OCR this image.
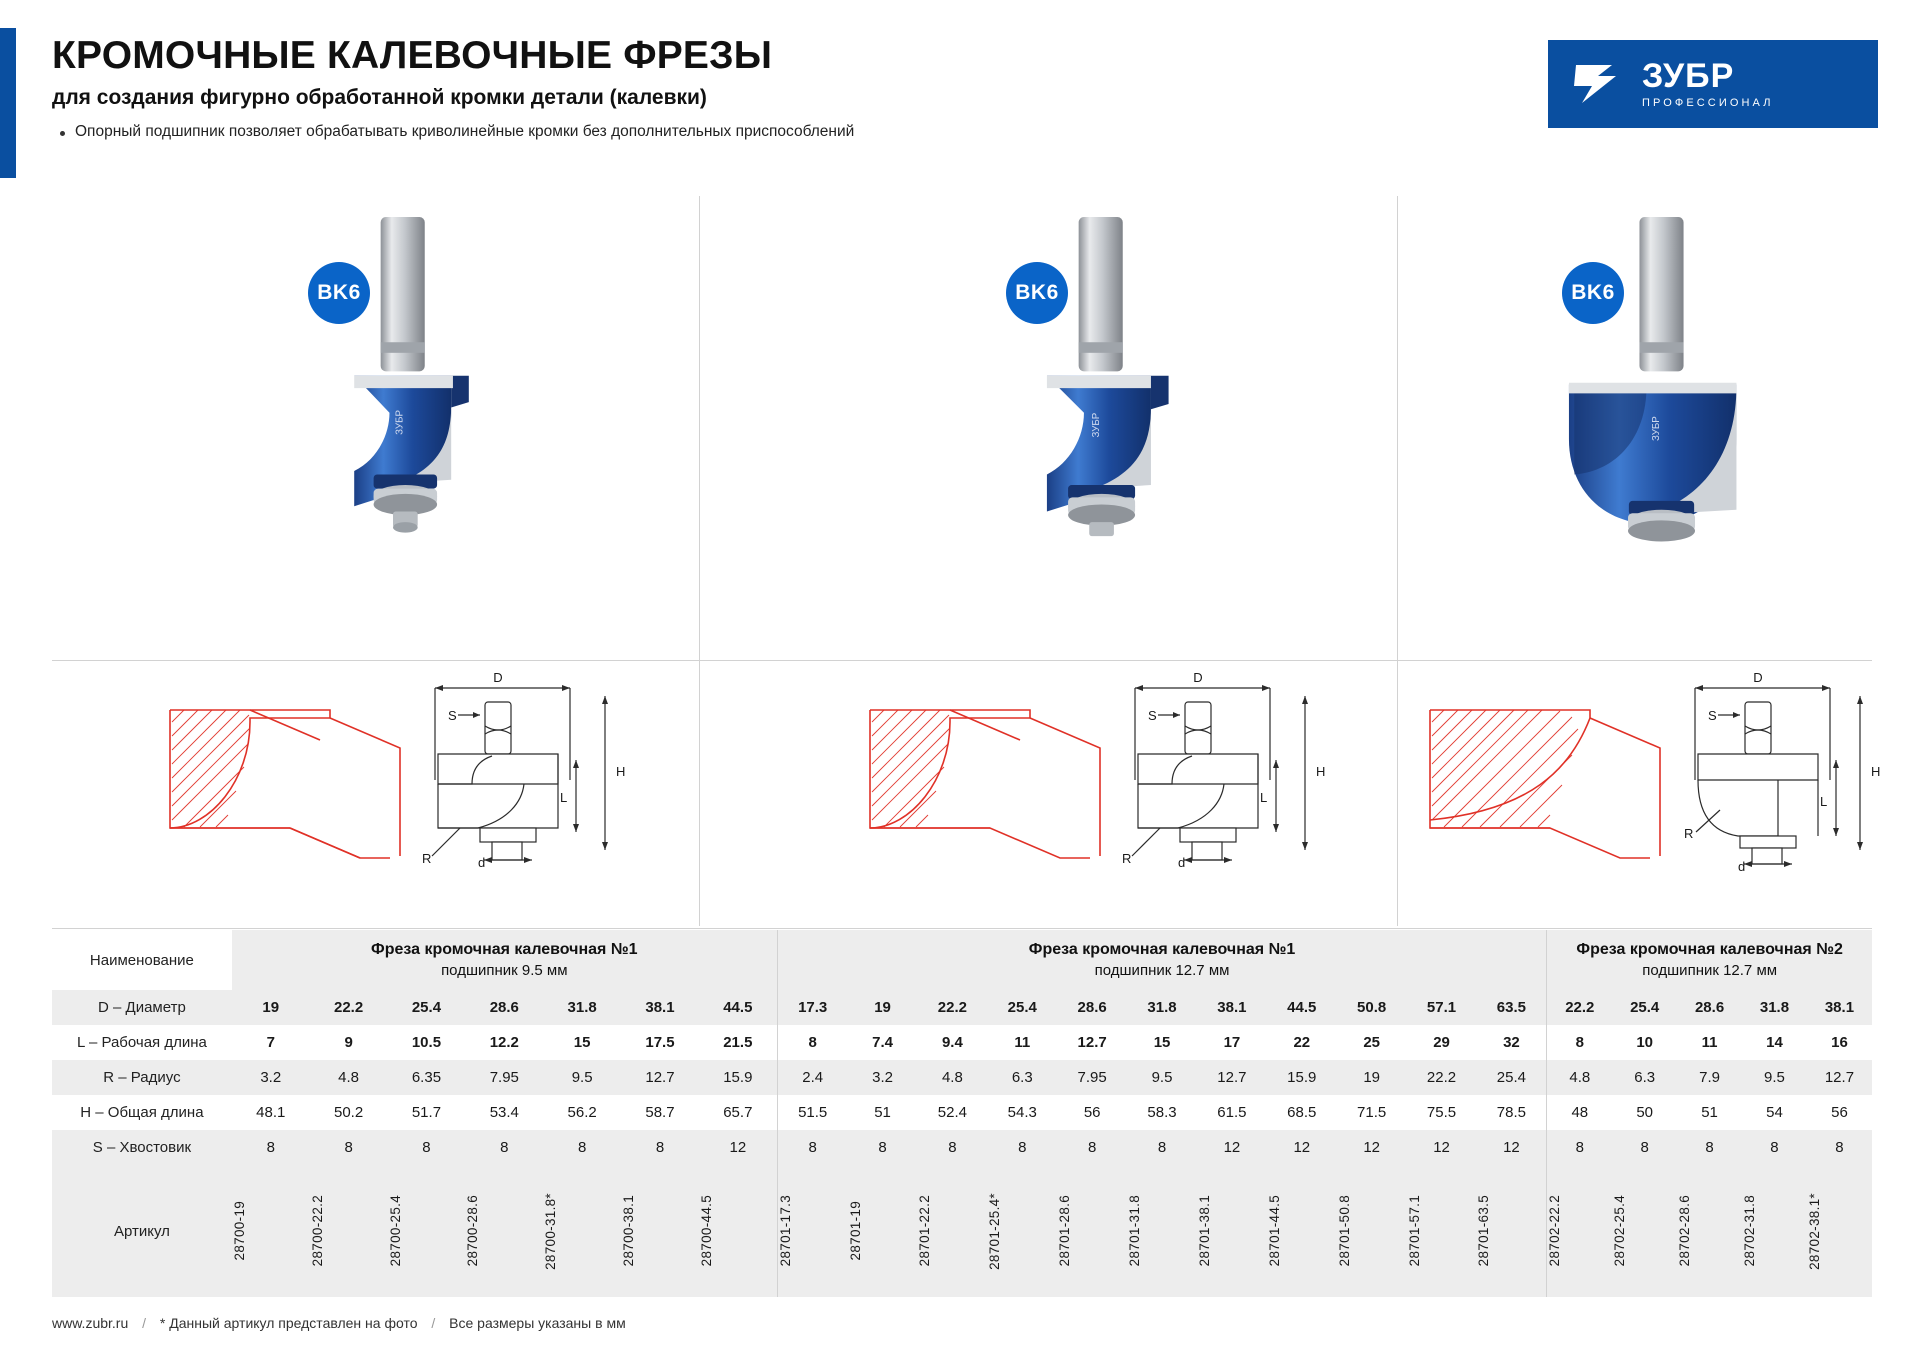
КРОМОЧНЫЕ КАЛЕВОЧНЫЕ ФРЕЗЫ
для создания фигурно обработанной кромки детали (калевки)
Опорный подшипник позволяет обрабатывать криволинейные кромки без дополнительных приспособлений
ЗУБР
ПРОФЕССИОНАЛ
BK6
ЗУБР
BK6
ЗУБР
BK6
ЗУБР
D
S
H
L
R	d
D
S
H
L
R	d
D
S
H
L
R
d
Наименование	
Фреза кромочная калевочная №1
подшипник 9.5 мм

Фреза кромочная калевочная №1
подшипник 12.7 мм

Фреза кромочная калевочная №2
подшипник 12.7 мм

D – Диаметр	19	22.2	25.4	28.6	31.8	38.1	44.5	17.3	19	22.2	25.4	28.6	31.8	38.1	44.5	50.8	57.1	63.5	22.2	25.4	28.6	31.8	38.1
L – Рабочая длина	7	9	10.5	12.2	15	17.5	21.5	8	7.4	9.4	11	12.7	15	17	22	25	29	32	8	10	11	14	16
R – Радиус	3.2	4.8	6.35	7.95	9.5	12.7	15.9	2.4	3.2	4.8	6.3	7.95	9.5	12.7	15.9	19	22.2	25.4	4.8	6.3	7.9	9.5	12.7
H – Общая длина	48.1	50.2	51.7	53.4	56.2	58.7	65.7	51.5	51	52.4	54.3	56	58.3	61.5	68.5	71.5	75.5	78.5	48	50	51	54	56
S – Хвостовик	8	8	8	8	8	8	12	8	8	8	8	8	8	12	12	12	12	12	8	8	8	8	8
Артикул	28700-19	28700-22.2	28700-25.4	28700-28.6	28700-31.8*	28700-38.1	28700-44.5	28701-17.3	28701-19	28701-22.2	28701-25.4*	28701-28.6	28701-31.8	28701-38.1	28701-44.5	28701-50.8	28701-57.1	28701-63.5	28702-22.2	28702-25.4	28702-28.6	28702-31.8	28702-38.1*
www.zubr.ru / * Данный артикул представлен на фото / Все размеры указаны в мм
